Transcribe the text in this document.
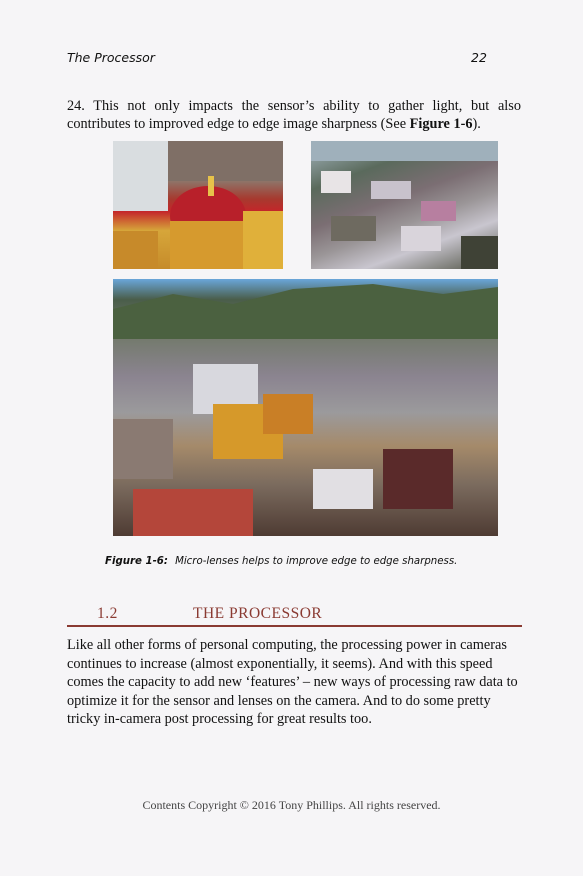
The Processor	22

24. This not only impacts the sensor’s ability to gather light, but also contributes to improved edge to edge image sharpness (See Figure 1-6).

Figure 1-6: Micro-lenses helps to improve edge to edge sharpness.
1.2	THE PROCESSOR

Like all other forms of personal computing, the processing power in cameras continues to increase (almost exponentially, it seems). And with this speed comes the capacity to add new ‘features’ – new ways of processing raw data to optimize it for the sensor and lenses on the camera. And to do some pretty tricky in-camera post processing for great results too.

Contents Copyright © 2016 Tony Phillips. All rights reserved.
